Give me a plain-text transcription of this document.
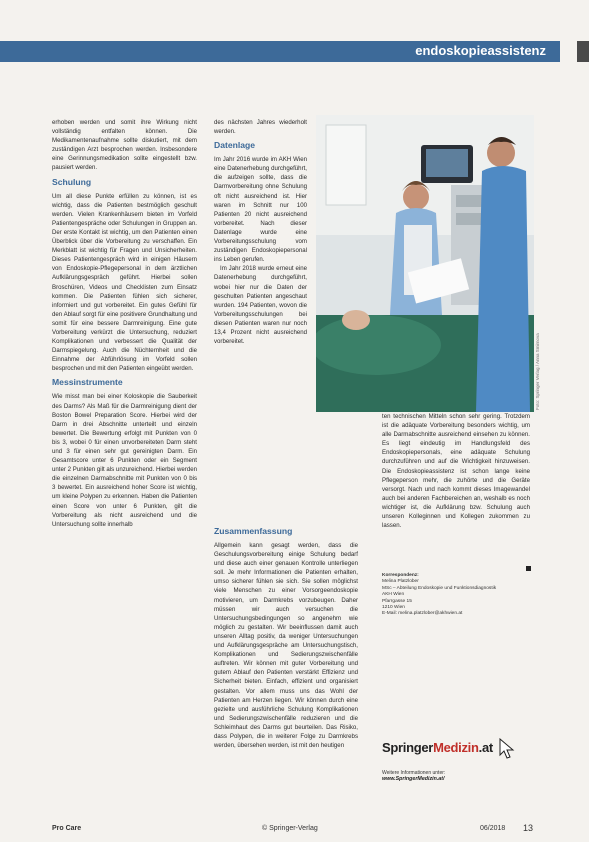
endoskopieassistenz

erhoben werden und somit ihre Wirkung nicht vollständig entfalten können. Die Medikamentenaufnahme sollte diskutiert, mit dem zuständigen Arzt besprochen werden. Insbesondere eine Gerinnungsmedikation sollte eingestellt bzw. pausiert werden.

Schulung

Um all diese Punkte erfüllen zu können, ist es wichtig, dass die Patienten bestmöglich geschult werden. Vielen Krankenhäusern bieten im Vorfeld Patientengespräche oder Schulungen in Gruppen an. Der erste Kontakt ist wichtig, um den Patienten einen Überblick über die Vorbereitung zu verschaffen. Ein Merkblatt ist wichtig für Fragen und Unsicherheiten. Dieses Patientengespräch wird in einigen Häusern von Endoskopie-Pflegepersonal in dem ärztlichen Aufklärungsgespräch geführt. Hierbei sollen Broschüren, Videos und Checklisten zum Einsatz kommen. Die Patienten fühlen sich sicherer, informiert und gut vorbereitet. Ein gutes Gefühl für den Ablauf sorgt für eine positivere Grundhaltung und somit für eine bessere Darmreinigung. Eine gute Vorbereitung verkürzt die Untersuchung, reduziert Komplikationen und verbessert die Qualität der Darmspiegelung. Auch die Nüchternheit und die Einnahme der Abführlösung im Vorfeld sollen besprochen und mit den Patienten eingeübt werden.

Messinstrumente

Wie misst man bei einer Koloskopie die Sauberkeit des Darms? Als Maß für die Darmreinigung dient der Boston Bowel Preparation Score. Hierbei wird der Darm in drei Abschnitte unterteilt und einzeln bewertet. Die Bewertung erfolgt mit Punkten von 0 bis 3, wobei 0 für einen unvorbereiteten Darm steht und 3 für einen sehr gut gereinigten Darm. Ein Gesamtscore unter 6 Punkten oder ein Segment unter 2 Punkten gilt als unzureichend. Hierbei werden die einzelnen Darmabschnitte mit Punkten von 0 bis 3 bewertet. Ein ausreichend hoher Score ist wichtig, um kleine Polypen zu erkennen. Haben die Patienten einen Score von unter 6 Punkten, gilt die Vorbereitung als nicht ausreichend und die Untersuchung sollte innerhalb

des nächsten Jahres wiederholt werden.

Datenlage

Im Jahr 2016 wurde im AKH Wien eine Datenerhebung durchgeführt, die aufzeigen sollte, dass die Darmvorbereitung ohne Schulung oft nicht ausreichend ist. Hier waren im Schnitt nur 100 Patienten 20 nicht ausreichend vorbereitet. Nach dieser Datenlage wurde eine Vorbereitungsschulung vom zuständigen Endoskopiepersonal ins Leben gerufen.

Im Jahr 2018 wurde erneut eine Datenerhebung durchgeführt, wobei hier nur die Daten der geschulten Patienten angeschaut wurden. 194 Patienten, wovon die Vorbereitungsschulungen bei diesen Patienten waren nur noch 13,4 Prozent nicht ausreichend vorbereitet.	Foto: Springer Verlag / Anna Smirnova

ten technischen Mitteln schon sehr gering. Trotzdem ist die adäquate Vorbereitung besonders wichtig, um alle Darmabschnitte ausreichend einsehen zu können. Es liegt eindeutig im Handlungsfeld des Endoskopiepersonals, eine adäquate Schulung durchzuführen und auf die Wichtigkeit hinzuweisen. Die Endoskopieassistenz ist schon lange keine Pflegeperson mehr, die zuhörte und die Geräte versorgt. Nach und nach kommt dieses Imagewandel auch bei anderen Fachbereichen an, weshalb es noch wichtiger ist, die Aufklärung bzw. Schulung auch unseren Kolleginnen und Kollegen zukommen zu lassen.

Zusammenfassung

Allgemein kann gesagt werden, dass die Geschulungsvorbereitung einige Schulung bedarf und diese auch einer genauen Kontrolle unterliegen soll. Je mehr Informationen die Patienten erhalten, umso sicherer fühlen sie sich. Sie sollen möglichst viele Menschen zu einer Vorsorgeendoskopie motivieren, um Darmkrebs vorzubeugen. Daher müssen wir auch versuchen die Untersuchungsbedingungen so angenehm wie möglich zu gestalten. Wir beeinflussen damit auch unseren Alltag positiv, da weniger Untersuchungen und Aufklärungsgespräche am Untersuchungstisch, Komplikationen und Sedierungszwischenfälle auftreten. Wir können mit guter Vorbereitung und gutem Ablauf den Patienten verstärkt Effizienz und Sicherheit bieten. Einfach, effizient und organisiert gestalten. Vor allem muss uns das Wohl der Patienten am Herzen liegen. Wir können durch eine gezielte und ausführliche Schulung Komplikationen und Sedierungszwischenfälle reduzieren und die Schleimhaut des Darms gut beurteilen. Das Risiko, dass Polypen, die in weiterer Folge zu Darmkrebs werden, übersehen werden, ist mit den heutigen

Korrespondenz:
Melina Platzlober
MSc – Abteilung Endoskopie und Funktionsdiagnostik
AKH Wien
Pfarrgasse 15
1210 Wien
E-Mail: melina.platzlober@akhwien.at
SpringerMedizin.at
Weitere Informationen unter:
www.SpringerMedizin.at/
Pro Care	© Springer-Verlag	06/2018 13
